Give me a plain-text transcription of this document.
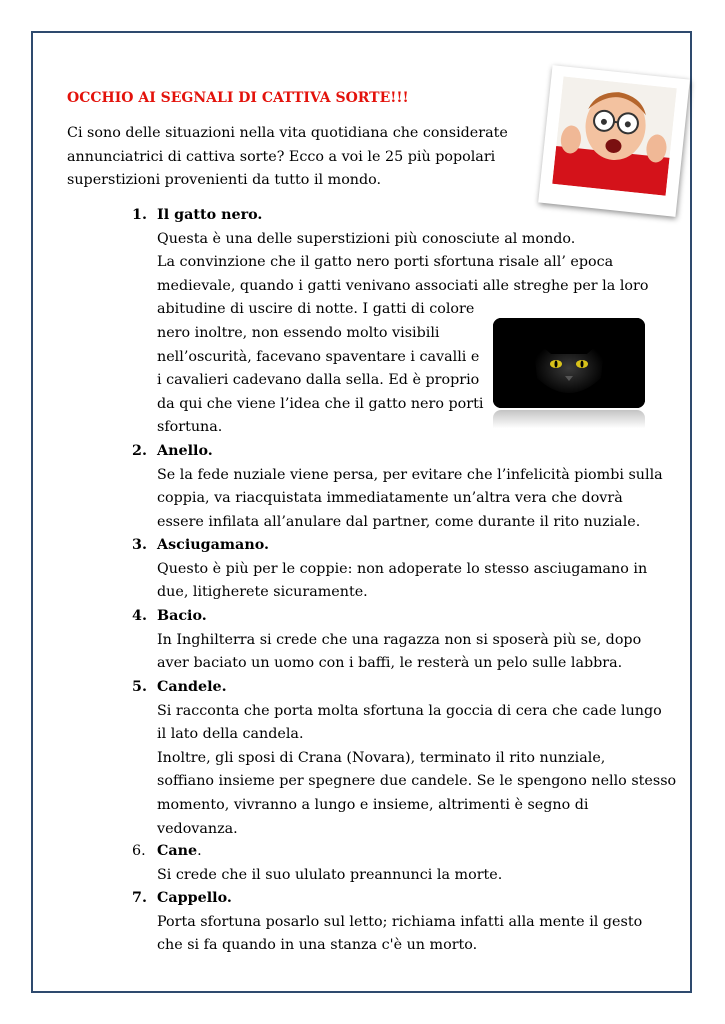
OCCHIO AI SEGNALI DI CATTIVA SORTE!!!
Ci sono delle situazioni nella vita quotidiana che considerate
annunciatrici di cattiva sorte? Ecco a voi le 25 più popolari
superstizioni provenienti da tutto il mondo.
1.
2.
3.
4.
5.
6.
7.
Il gatto nero.
Questa è una delle superstizioni più conosciute al mondo.
La convinzione che il gatto nero porti sfortuna risale all’ epoca
medievale, quando i gatti venivano associati alle streghe per la loro
abitudine di uscire di notte. I gatti di colore
nero inoltre, non essendo molto visibili
nell’oscurità, facevano spaventare i cavalli e
i cavalieri cadevano dalla sella. Ed è proprio
da qui che viene l’idea che il gatto nero porti
sfortuna.
Anello.
Se la fede nuziale viene persa, per evitare che l’infelicità piombi sulla
coppia, va riacquistata immediatamente un’altra vera che dovrà
essere infilata all’anulare dal partner, come durante il rito nuziale.
Asciugamano.
Questo è più per le coppie: non adoperate lo stesso asciugamano in
due, litigherete sicuramente.
Bacio.
In Inghilterra si crede che una ragazza non si sposerà più se, dopo
aver baciato un uomo con i baffi, le resterà un pelo sulle labbra.
Candele.
Si racconta che porta molta sfortuna la goccia di cera che cade lungo
il lato della candela.
Inoltre, gli sposi di Crana (Novara), terminato il rito nunziale,
soffiano insieme per spegnere due candele. Se le spengono nello stesso
momento, vivranno a lungo e insieme, altrimenti è segno di
vedovanza.
Cane.
Si crede che il suo ululato preannunci la morte.
Cappello.
Porta sfortuna posarlo sul letto; richiama infatti alla mente il gesto
che si fa quando in una stanza c'è un morto.
